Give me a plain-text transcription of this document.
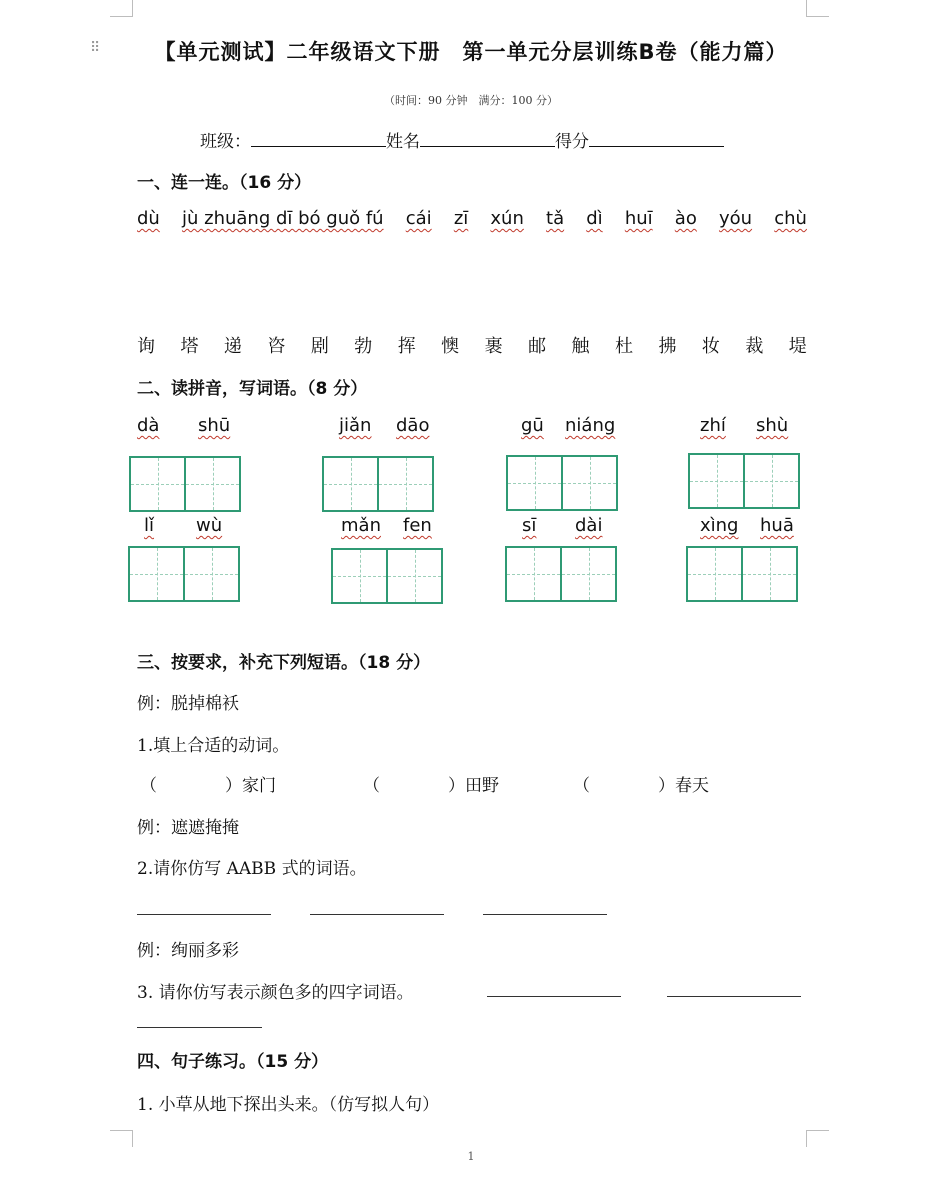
⠿	【单元测试】二年级语文下册　第一单元分层训练B卷（能力篇）
（时间：90 分钟　满分：100 分）
班级：	姓名	得分
一、连一连。（16 分）
dù jù zhuāng dī bó guǒ fú cái zī xún tǎ dì huī ào yóu chù
询 塔 递 咨 剧 勃 挥 懊 裹 邮 触 杜 拂 妆 裁 堤
二、读拼音，写词语。（8 分）
dà shū	jiǎn dāo	gū niáng	zhí shù
lǐ wù	mǎn fen	sī dài	xìng huā
三、按要求，补充下列短语。（18 分）
例：脱掉棉袄
1.填上合适的动词。
（　　　　）家门	（　　　　）田野	（　　　　）春天
例：遮遮掩掩
2.请你仿写 AABB 式的词语。
例：绚丽多彩
3. 请你仿写表示颜色多的四字词语。
四、句子练习。（15 分）
1. 小草从地下探出头来。（仿写拟人句）
1
